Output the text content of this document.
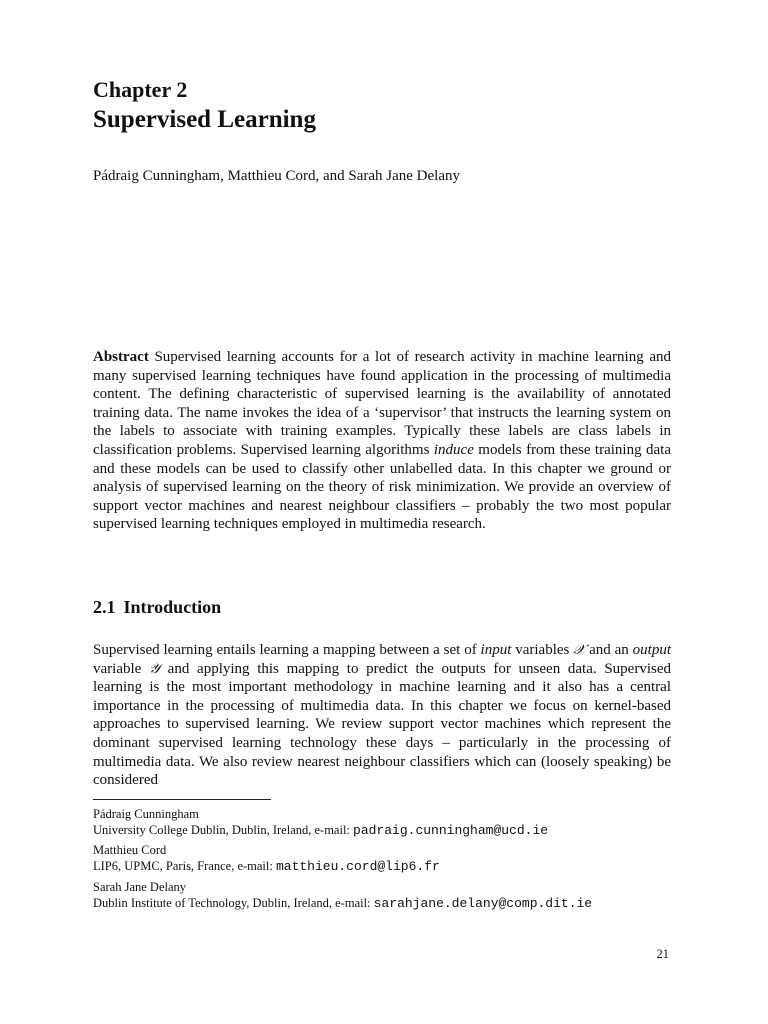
Chapter 2
Supervised Learning
Pádraig Cunningham, Matthieu Cord, and Sarah Jane Delany
Abstract Supervised learning accounts for a lot of research activity in machine learning and many supervised learning techniques have found application in the processing of multimedia content. The defining characteristic of supervised learning is the availability of annotated training data. The name invokes the idea of a ‘supervisor’ that instructs the learning system on the labels to associate with training examples. Typically these labels are class labels in classification problems. Supervised learning algorithms induce models from these training data and these models can be used to classify other unlabelled data. In this chapter we ground or analysis of supervised learning on the theory of risk minimization. We provide an overview of support vector machines and nearest neighbour classifiers – probably the two most popular supervised learning techniques employed in multimedia research.
2.1 Introduction
Supervised learning entails learning a mapping between a set of input variables 𝒳 and an output variable 𝒴 and applying this mapping to predict the outputs for unseen data. Supervised learning is the most important methodology in machine learning and it also has a central importance in the processing of multimedia data. In this chapter we focus on kernel-based approaches to supervised learning. We review support vector machines which represent the dominant supervised learning technology these days – particularly in the processing of multimedia data. We also review nearest neighbour classifiers which can (loosely speaking) be considered
Pádraig Cunningham
University College Dublin, Dublin, Ireland, e-mail: padraig.cunningham@ucd.ie
Matthieu Cord
LIP6, UPMC, Paris, France, e-mail: matthieu.cord@lip6.fr
Sarah Jane Delany
Dublin Institute of Technology, Dublin, Ireland, e-mail: sarahjane.delany@comp.dit.ie
21
